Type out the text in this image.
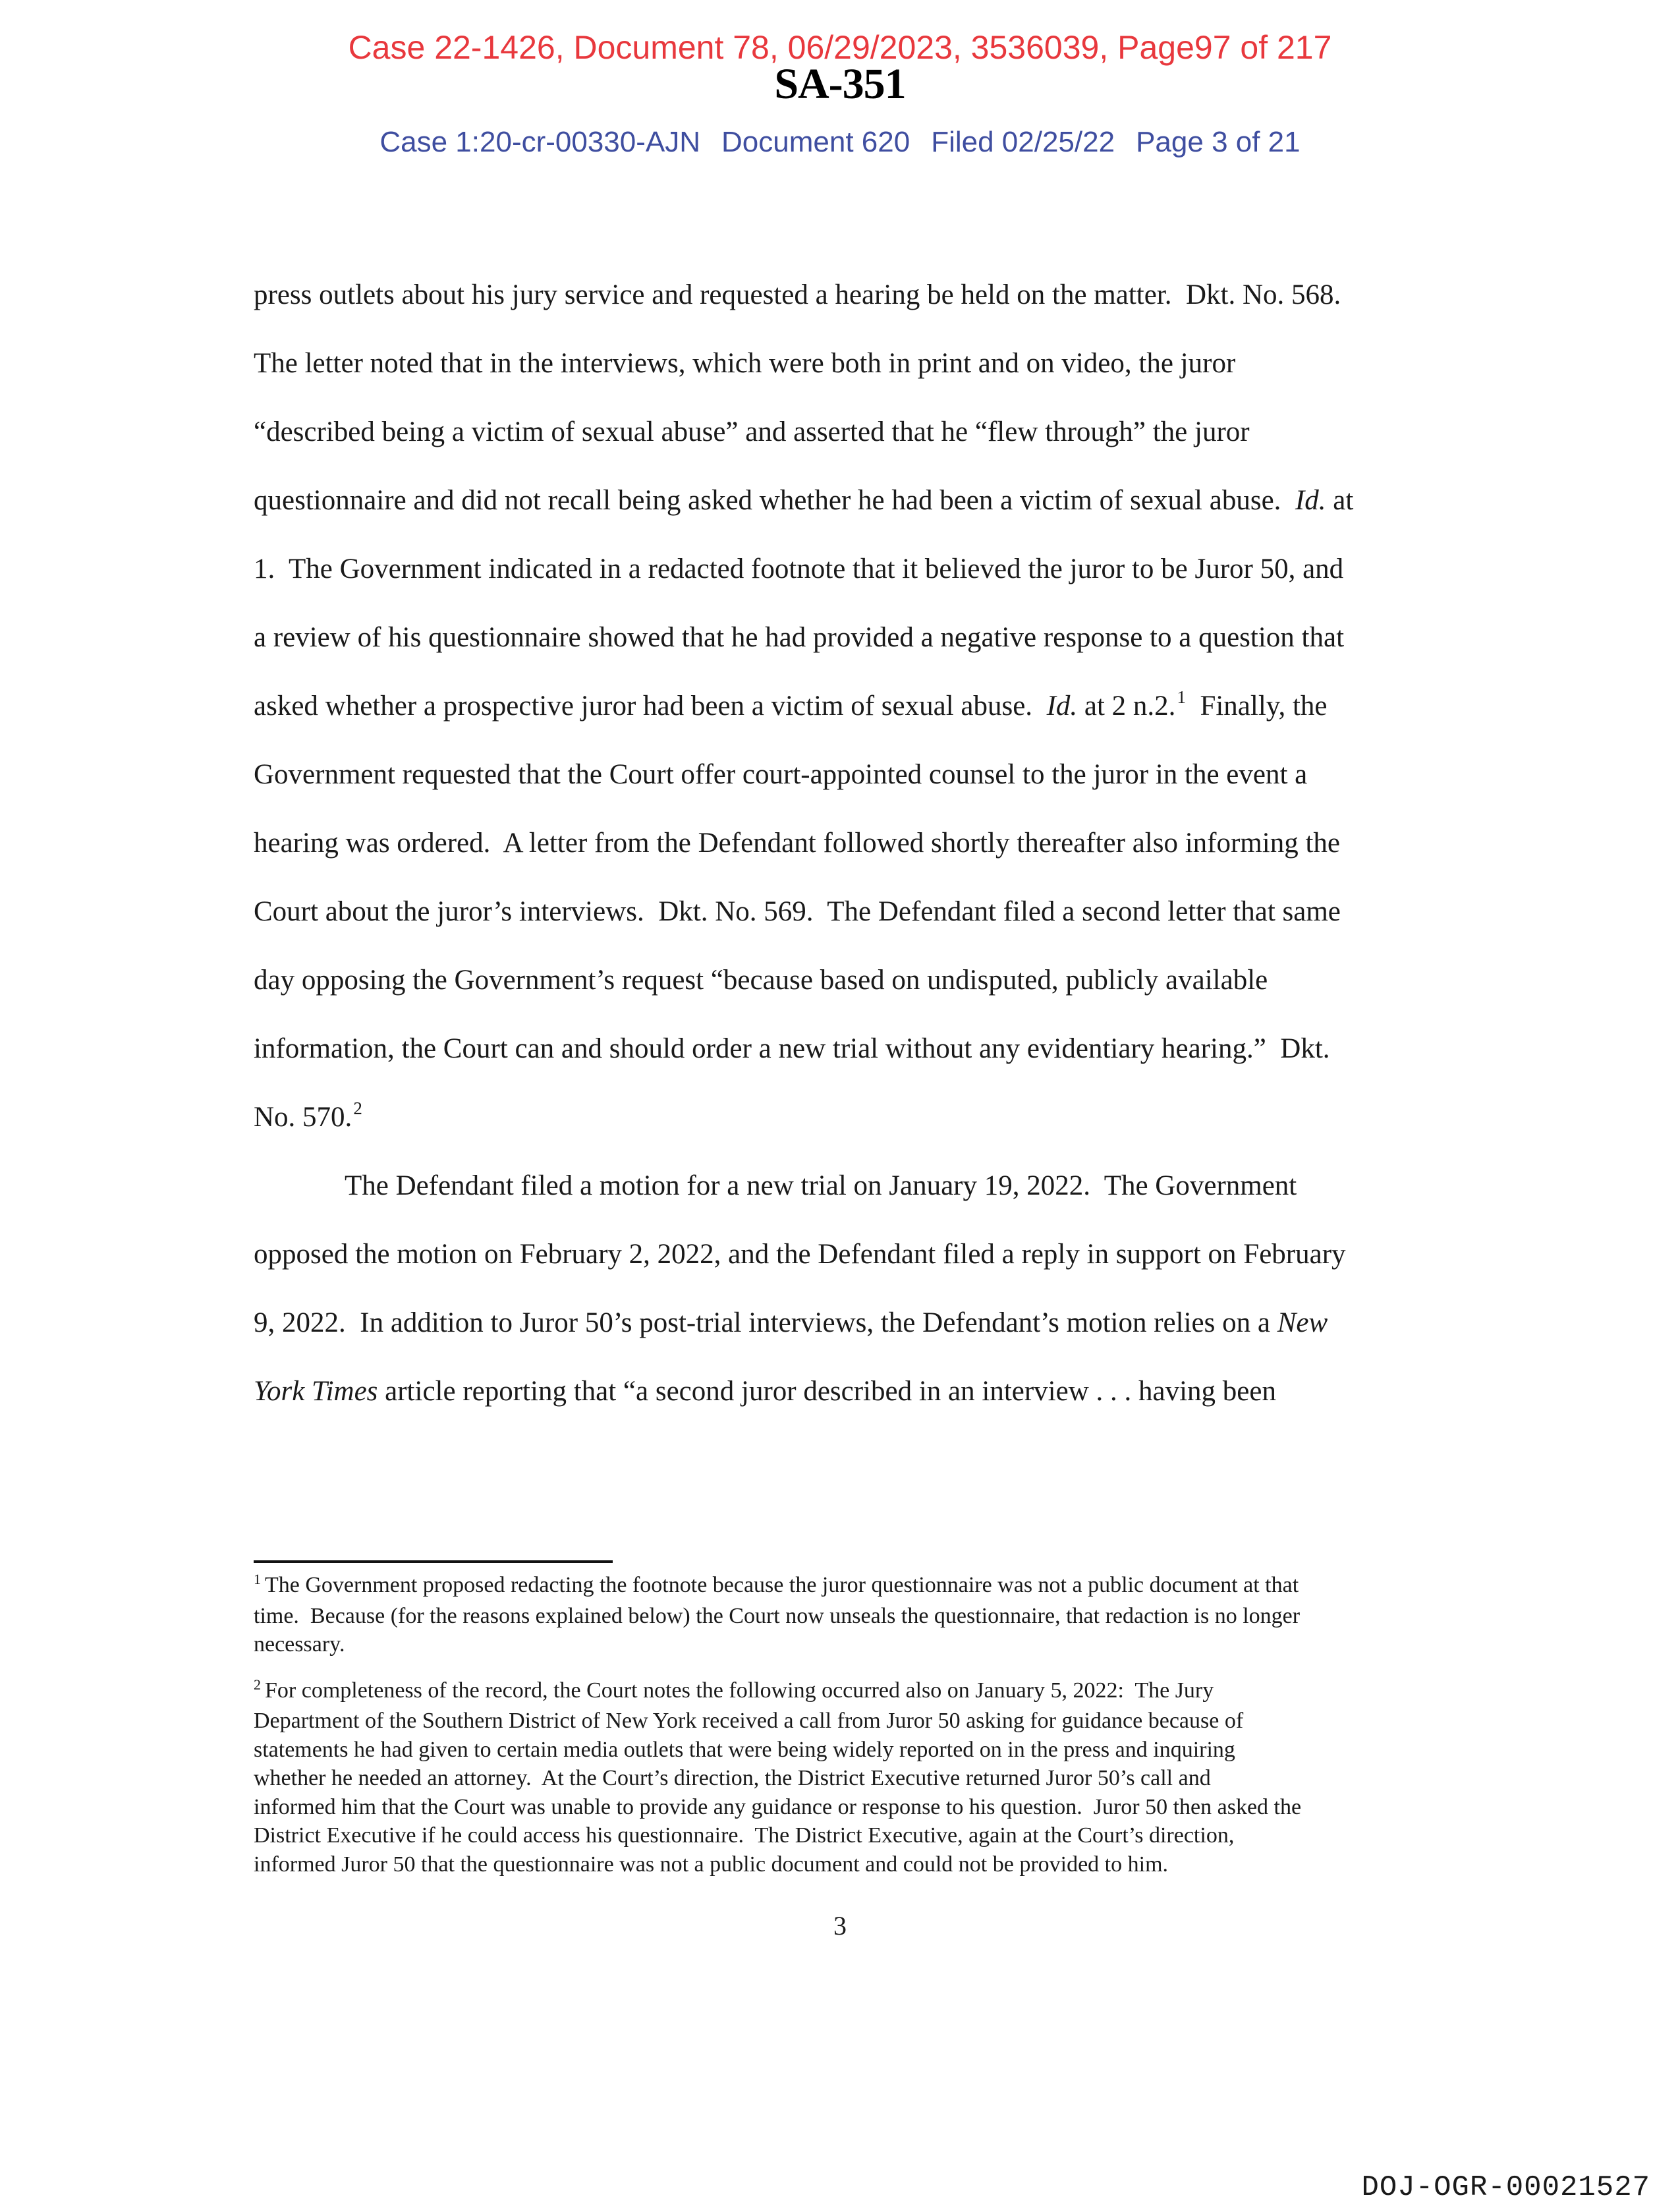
Case 22-1426, Document 78, 06/29/2023, 3536039, Page97 of 217
SA-351
Case 1:20-cr-00330-AJN Document 620 Filed 02/25/22 Page 3 of 21
press outlets about his jury service and requested a hearing be held on the matter.  Dkt. No. 568.
The letter noted that in the interviews, which were both in print and on video, the juror
“described being a victim of sexual abuse” and asserted that he “flew through” the juror
questionnaire and did not recall being asked whether he had been a victim of sexual abuse.  Id. at
1.  The Government indicated in a redacted footnote that it believed the juror to be Juror 50, and
a review of his questionnaire showed that he had provided a negative response to a question that
asked whether a prospective juror had been a victim of sexual abuse.  Id. at 2 n.2.$^1$  Finally, the
Government requested that the Court offer court-appointed counsel to the juror in the event a
hearing was ordered.  A letter from the Defendant followed shortly thereafter also informing the
Court about the juror’s interviews.  Dkt. No. 569.  The Defendant filed a second letter that same
day opposing the Government’s request “because based on undisputed, publicly available
information, the Court can and should order a new trial without any evidentiary hearing.”  Dkt.
No. 570.$^2$
The Defendant filed a motion for a new trial on January 19, 2022.  The Government
opposed the motion on February 2, 2022, and the Defendant filed a reply in support on February
9, 2022.  In addition to Juror 50’s post-trial interviews, the Defendant’s motion relies on a New
York Times article reporting that “a second juror described in an interview . . . having been
$^1$ The Government proposed redacting the footnote because the juror questionnaire was not a public document at that
time.  Because (for the reasons explained below) the Court now unseals the questionnaire, that redaction is no longer
necessary.
$^2$ For completeness of the record, the Court notes the following occurred also on January 5, 2022:  The Jury
Department of the Southern District of New York received a call from Juror 50 asking for guidance because of
statements he had given to certain media outlets that were being widely reported on in the press and inquiring
whether he needed an attorney.  At the Court’s direction, the District Executive returned Juror 50’s call and
informed him that the Court was unable to provide any guidance or response to his question.  Juror 50 then asked the
District Executive if he could access his questionnaire.  The District Executive, again at the Court’s direction,
informed Juror 50 that the questionnaire was not a public document and could not be provided to him.
3
DOJ-OGR-00021527
